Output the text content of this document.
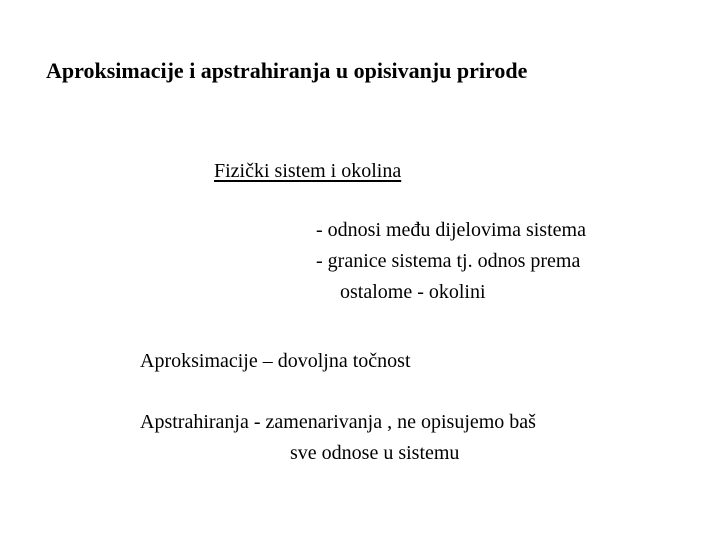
Aproksimacije i apstrahiranja u opisivanju prirode
Fizički sistem i okolina

- odnosi među dijelovima sistema

- granice sistema tj. odnos prema

ostalome - okolini

Aproksimacije – dovoljna točnost
Apstrahiranja - zamenarivanja , ne opisujemo baš
sve odnose u sistemu
